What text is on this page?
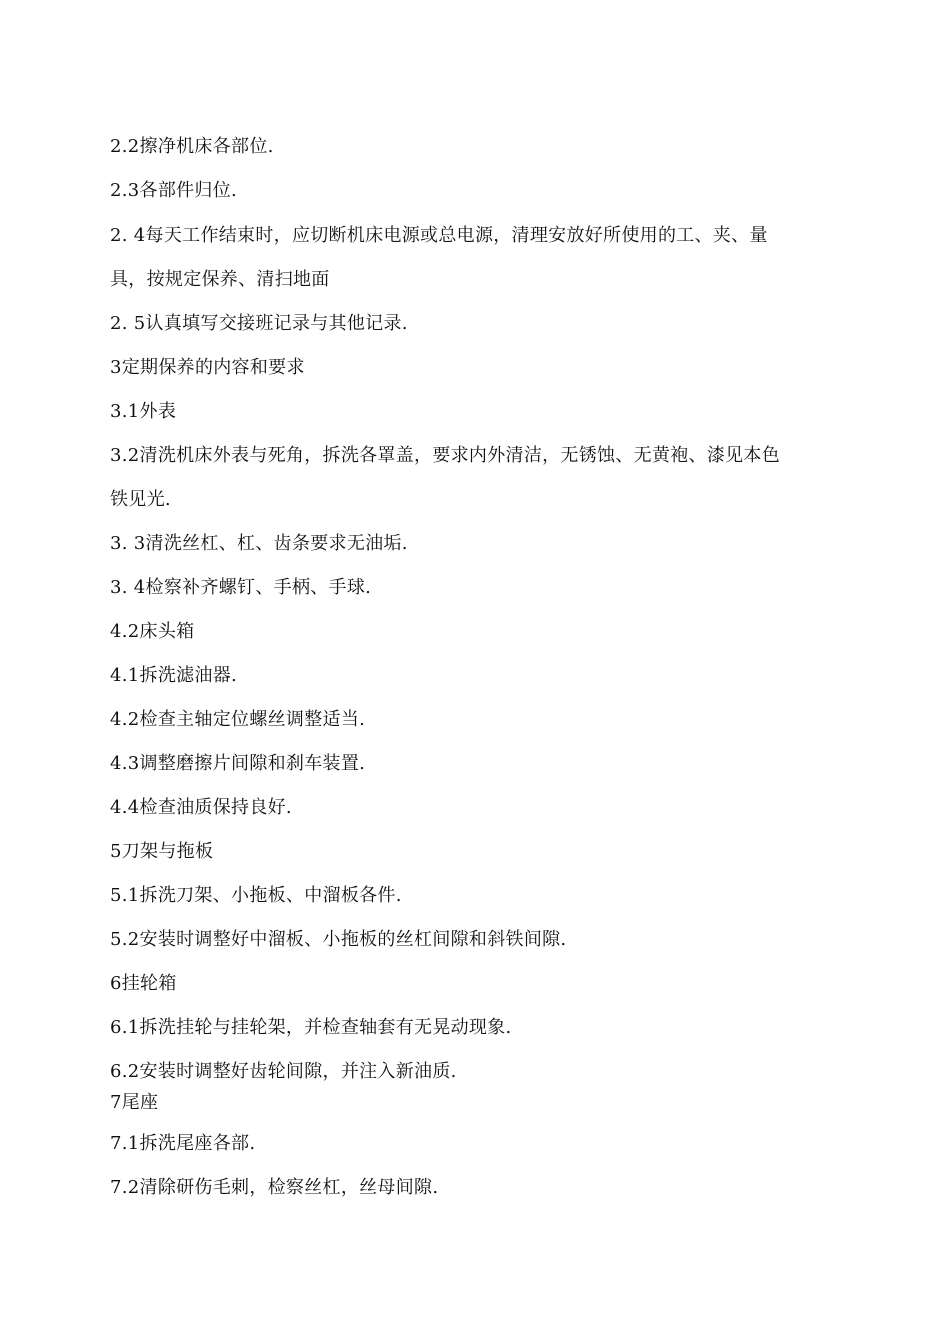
2.2擦净机床各部位.
2.3各部件归位.
2. 4每天工作结束时，应切断机床电源或总电源，清理安放好所使用的工、夹、量
具，按规定保养、清扫地面
2. 5认真填写交接班记录与其他记录.
3定期保养的内容和要求
3.1外表
3.2清洗机床外表与死角，拆洗各罩盖，要求内外清洁，无锈蚀、无黄袍、漆见本色
铁见光.
3. 3清洗丝杠、杠、齿条要求无油垢.
3. 4检察补齐螺钉、手柄、手球.
4.2床头箱
4.1拆洗滤油器.
4.2检查主轴定位螺丝调整适当.
4.3调整磨擦片间隙和刹车装置.
4.4检查油质保持良好.
5刀架与拖板
5.1拆洗刀架、小拖板、中溜板各件.
5.2安装时调整好中溜板、小拖板的丝杠间隙和斜铁间隙.
6挂轮箱
6.1拆洗挂轮与挂轮架，并检查轴套有无晃动现象.
6.2安装时调整好齿轮间隙，并注入新油质.
7尾座
7.1拆洗尾座各部.
7.2清除研伤毛刺，检察丝杠，丝母间隙.
